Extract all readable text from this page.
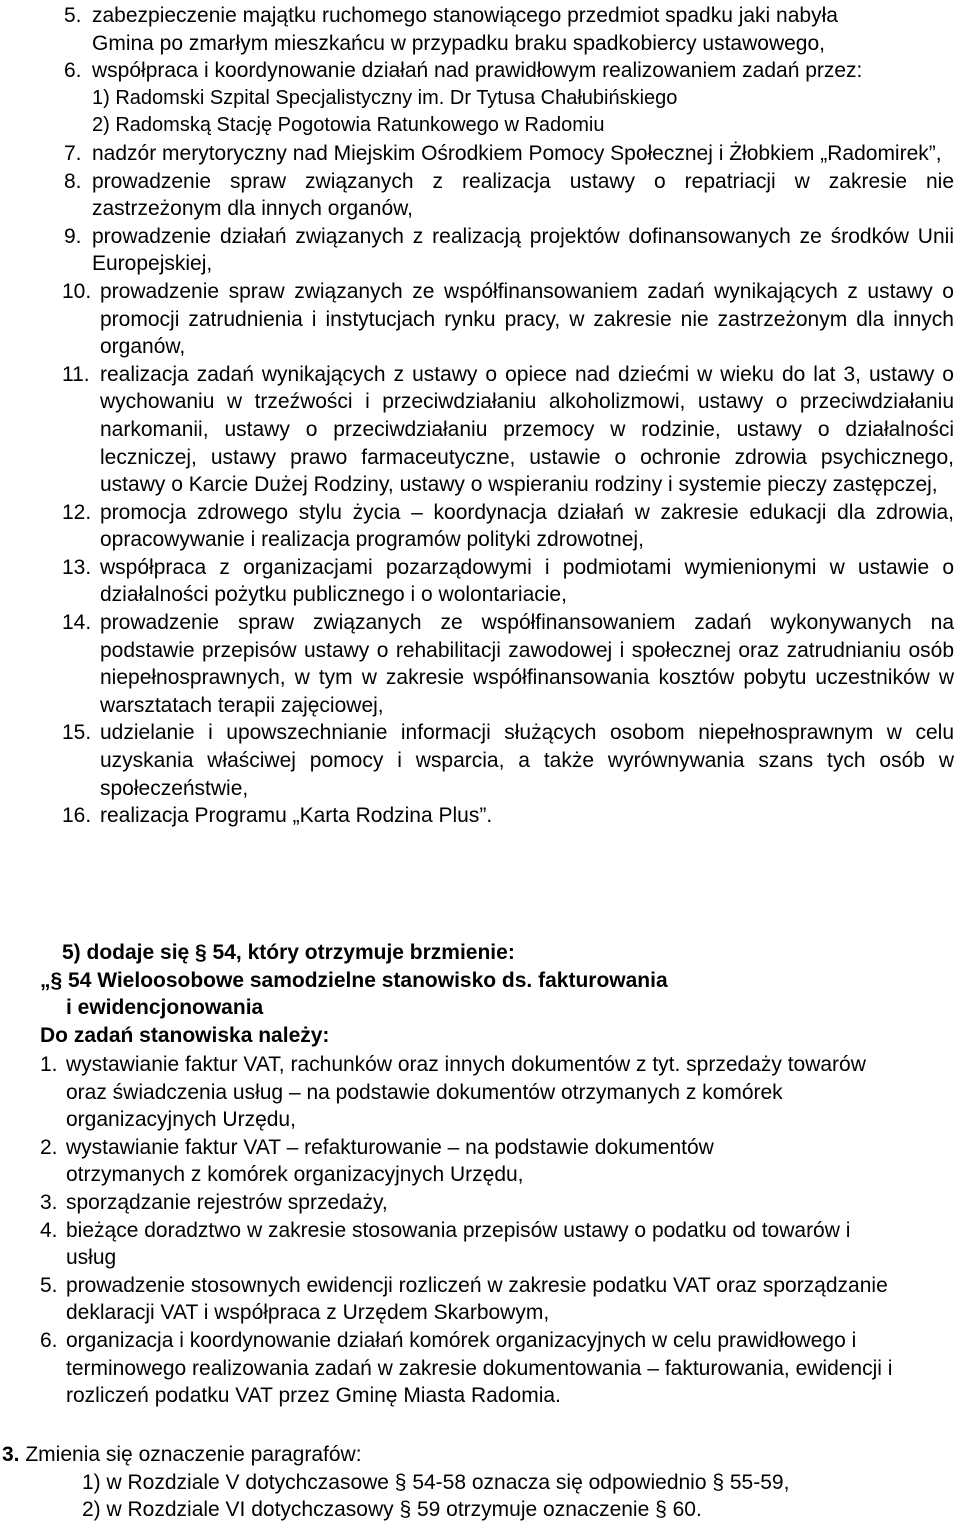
5. zabezpieczenie majątku ruchomego stanowiącego przedmiot spadku jaki nabyła Gmina po zmarłym mieszkańcu w przypadku braku spadkobiercy ustawowego,
6. współpraca i koordynowanie działań nad prawidłowym realizowaniem zadań przez:
1) Radomski Szpital Specjalistyczny im. Dr Tytusa Chałubińskiego
2) Radomską Stację Pogotowia Ratunkowego w Radomiu
7. nadzór merytoryczny nad Miejskim Ośrodkiem Pomocy Społecznej i Żłobkiem „Radomirek”,
8. prowadzenie spraw związanych z realizacja ustawy o repatriacji w zakresie nie zastrzeżonym dla innych organów,
9. prowadzenie działań związanych z realizacją projektów dofinansowanych ze środków Unii Europejskiej,
10. prowadzenie spraw związanych ze współfinansowaniem zadań wynikających z ustawy o promocji zatrudnienia i instytucjach rynku pracy, w zakresie nie zastrzeżonym dla innych organów,
11. realizacja zadań wynikających z ustawy o opiece nad dziećmi w wieku do lat 3, ustawy o wychowaniu w trzeźwości i przeciwdziałaniu alkoholizmowi, ustawy o przeciwdziałaniu narkomanii, ustawy o przeciwdziałaniu przemocy w rodzinie, ustawy o działalności leczniczej, ustawy prawo farmaceutyczne, ustawie o ochronie zdrowia psychicznego, ustawy o Karcie Dużej Rodziny, ustawy o wspieraniu rodziny i systemie pieczy zastępczej,
12. promocja zdrowego stylu życia – koordynacja działań w zakresie edukacji dla zdrowia, opracowywanie i realizacja programów polityki zdrowotnej,
13. współpraca z organizacjami pozarządowymi i podmiotami wymienionymi w ustawie o działalności pożytku publicznego i o wolontariacie,
14. prowadzenie spraw związanych ze współfinansowaniem zadań wykonywanych na podstawie przepisów ustawy o rehabilitacji zawodowej i społecznej oraz zatrudnianiu osób niepełnosprawnych, w tym w zakresie współfinansowania kosztów pobytu uczestników w warsztatach terapii zajęciowej,
15. udzielanie i upowszechnianie informacji służących osobom niepełnosprawnym w celu uzyskania właściwej pomocy i wsparcia, a także wyrównywania szans tych osób w społeczeństwie,
16. realizacja Programu „Karta Rodzina Plus”.
5) dodaje się § 54, który otrzymuje brzmienie:
„§ 54 Wieloosobowe samodzielne stanowisko ds. fakturowania
i ewidencjonowania
Do zadań stanowiska należy:
1. wystawianie faktur VAT, rachunków oraz innych dokumentów z tyt. sprzedaży towarów oraz świadczenia usług – na podstawie dokumentów otrzymanych z komórek organizacyjnych Urzędu,
2. wystawianie faktur VAT – refakturowanie – na podstawie dokumentów otrzymanych z komórek organizacyjnych Urzędu,
3. sporządzanie rejestrów sprzedaży,
4. bieżące doradztwo w zakresie stosowania przepisów ustawy o podatku od towarów i usług
5. prowadzenie stosownych ewidencji rozliczeń w zakresie podatku VAT oraz sporządzanie deklaracji VAT i współpraca z Urzędem Skarbowym,
6. organizacja i koordynowanie działań komórek organizacyjnych w celu prawidłowego i terminowego realizowania zadań w zakresie dokumentowania – fakturowania, ewidencji i rozliczeń podatku VAT przez Gminę Miasta Radomia.
3. Zmienia się oznaczenie paragrafów:
1) w Rozdziale V dotychczasowe § 54-58 oznacza się odpowiednio § 55-59,
2) w Rozdziale VI dotychczasowy § 59 otrzymuje oznaczenie § 60.
